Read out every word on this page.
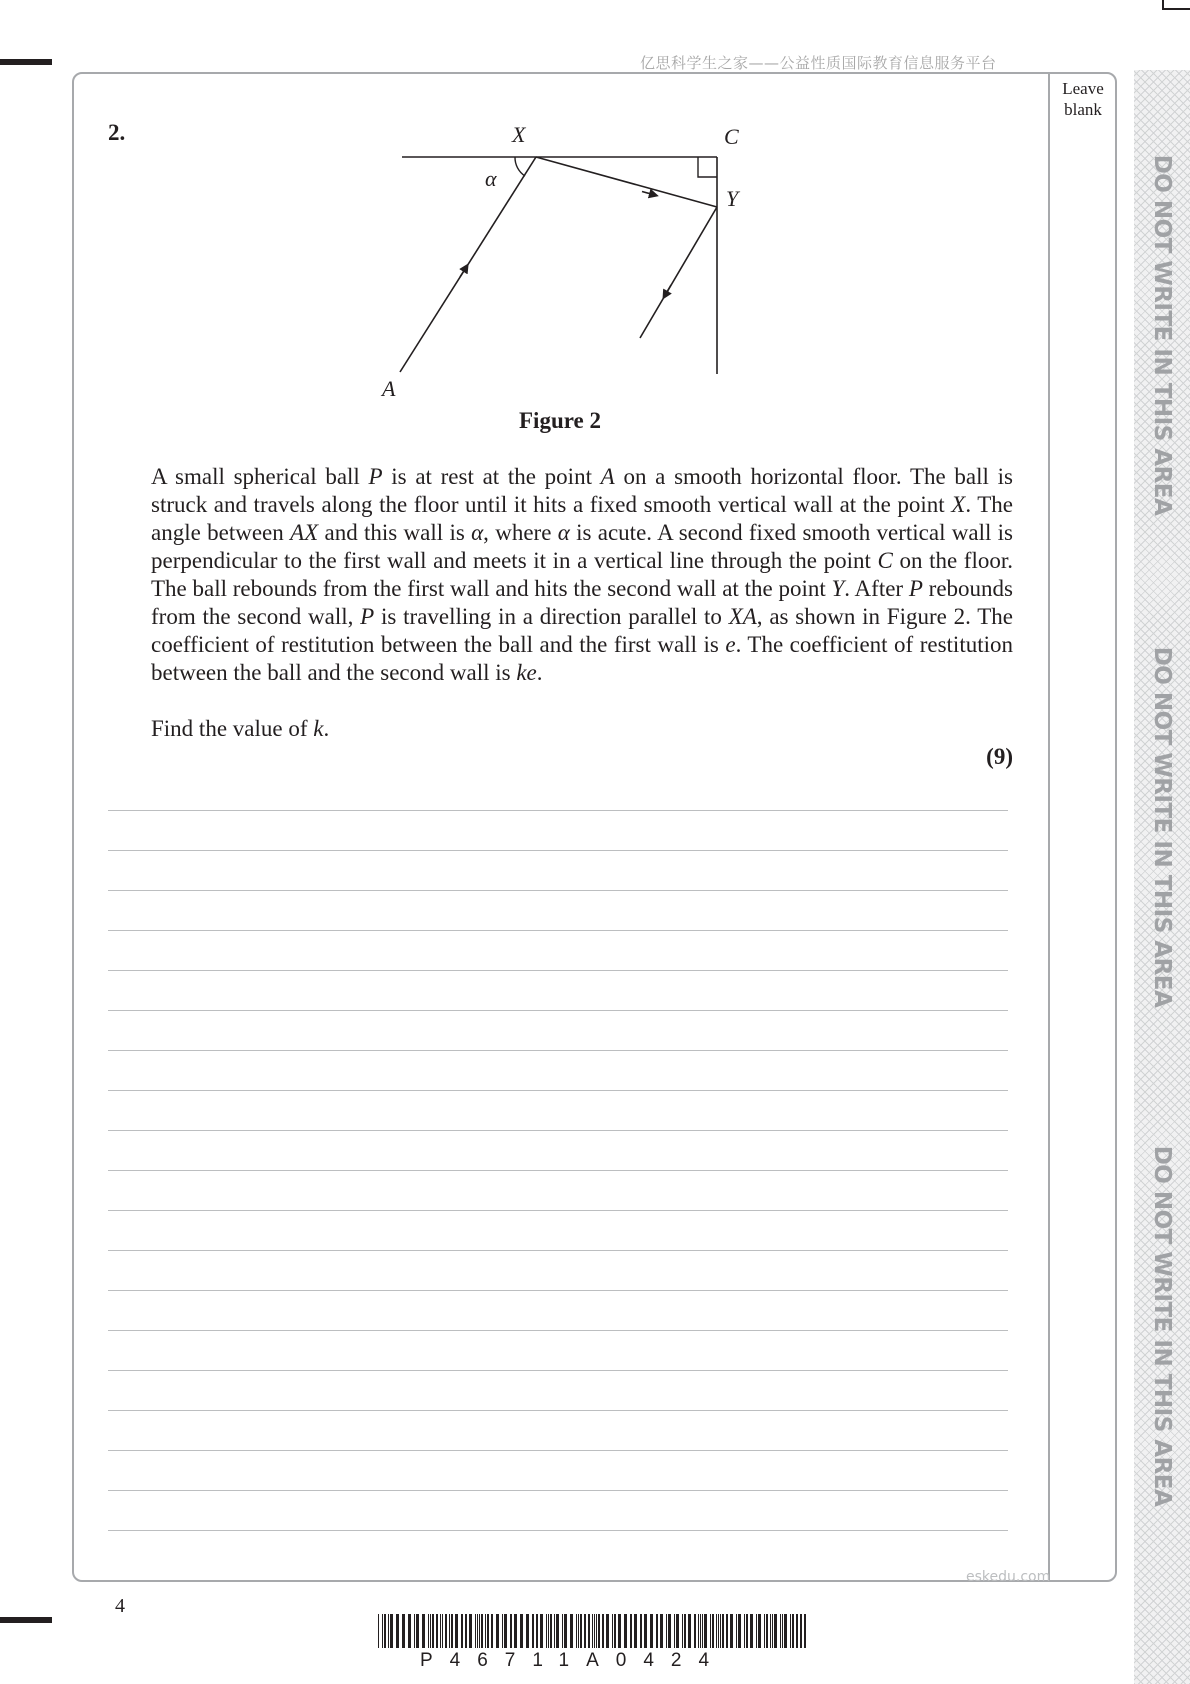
亿思科学生之家——公益性质国际教育信息服务平台
Leave
blank
DO NOT WRITE IN THIS AREA
DO NOT WRITE IN THIS AREA
DO NOT WRITE IN THIS AREA
2.	X	C
Y
A
α
Figure 2

A small spherical ball P is at rest at the point A on a smooth horizontal floor. The ball is struck and travels along the floor until it hits a fixed smooth vertical wall at the point X. The angle between AX and this wall is α, where α is acute. A second fixed smooth vertical wall is perpendicular to the first wall and meets it in a vertical line through the point C on the floor. The ball rebounds from the first wall and hits the second wall at the point Y. After P rebounds from the second wall, P is travelling in a direction parallel to XA, as shown in Figure 2. The coefficient of restitution between the ball and the first wall is e. The coefficient of restitution between the ball and the second wall is ke.

Find the value of k.
(9)
eskedu.com
4
P46711A0424
